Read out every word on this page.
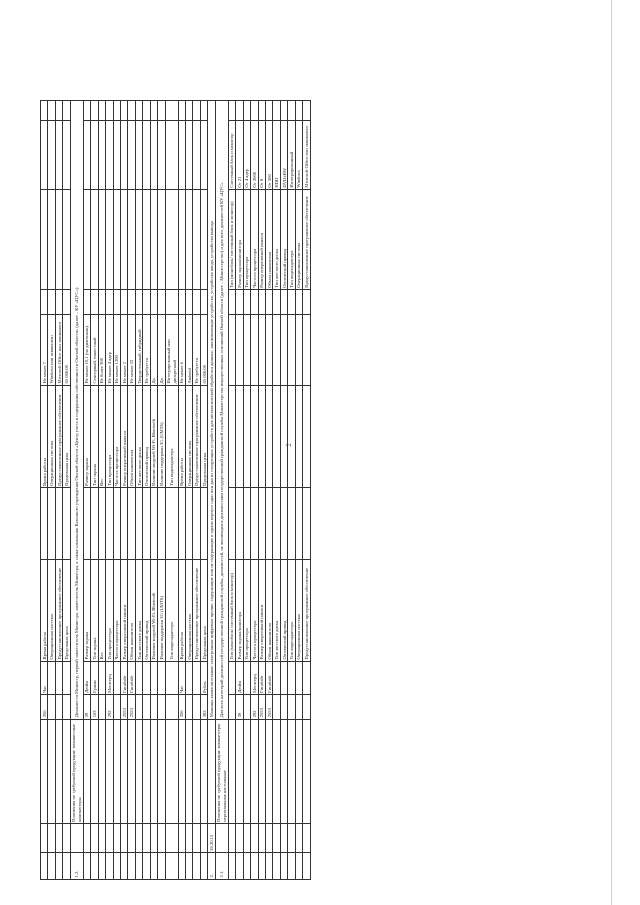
2
			356	Час	Время работы		Время работы	Не менее 7				
					Операционная система		Операционная система	Windows или эквивалент				
					Предустановленное программное обеспечение		Предустановленное программное обеспечение	Microsoft Office или эквивалент				
					Предельная цена		Предельная цена	65 000,00				
1.2.		Пояснения по требуемой продукции: планшетные компьютеры	Должности Министр, первый заместитель Министра, заместитель Министра, а также начальник Казенного учреждения Омской области «Центр учета и содержания собственности Омской области» (далее – КУ «ЦУС»)									
			39	Дюйм	Размер экрана		Размер экрана	Не менее 10,1 (по диагонали)				
			163	Грамм	Тип экрана		Тип экрана	Сенсорный, емкостный				
					Вес		Вес	Не более 500				
			292	Мегагерц	Тип процессора		Тип процессора	Не менее 4 ядер				
					Частота процессора		Частота процессора	Не менее 1200				
			2553	Гигабайт	Размер оперативной памяти		Размер оперативной памяти	Не менее 2				
			2553	Гигабайт	Объем накопителя		Объем накопителя	Не менее 32				
					Тип жесткого диска		Тип жесткого диска	Твердотельный, гибридный				
					Оптический привод		Оптический привод	Не требуется				
					Наличие модулей Wi-Fi, Bluetooth		Наличие модулей Wi-Fi, Bluetooth	Да				
					Наличие поддержки 3G (UMTS)		Наличие поддержки 3G (UMTS)	Да				
					Тип видеоадаптера		Тип видеоадаптера	Интегрированный или дискретный				
			356	Час	Время работы		Время работы	Не менее 6				
					Операционная система		Операционная система	Android				
					Предустановленное программное обеспечение		Предустановленное программное обеспечение	Не требуется				
			383	Рубль	Предельная цена		Предельная цена	65 000,00				
2.	26.20.15		Машины вычислительные электронные цифровые прочие, содержащие или не содержащие в одном корпусе одно или два из следующих устройств для автоматической обработки данных: запоминающие устройства, устройства ввода, устройства вывода									
2.1.		Пояснения по требуемой продукции: компьютеры персональные настольные	Для всех категорий должностей государственной гражданской службы, должностей, не являющихся должностями государственной гражданской службы Министерства имущественных отношений Омской области (далее – Министерство) и для всех должностей КУ «ЦУС»									
					Тип (моноблок/ системный блок и монитор)					Тип (моноблок/ системный блок и монитор)	Системный блок и монитор	
			39	Дюйм	Размер экрана/монитора					Размер экрана/монитора	От 21	
					Тип процессора					Тип процессора	От 4 ядер	
			292	Мегагерц	Частота процессора					Частота процессора	От 2000	
			2553	Гигабайт	Размер оперативной памяти					Размер оперативной памяти	От 8	
			2553	Гигабайт	Объем накопителя					Объем накопителя	От 500	
					Тип жесткого диска					Тип жесткого диска	HDD	
					Оптический привод					Оптический привод	DVD±RW	
					Тип видеоадаптера					Тип видеоадаптера	Интегрированный	
					Операционная система					Операционная система	Windows	
					Предустановленное программное обеспечение					Предустановленное программное обеспечение	Microsoft Office или эквивалент	
